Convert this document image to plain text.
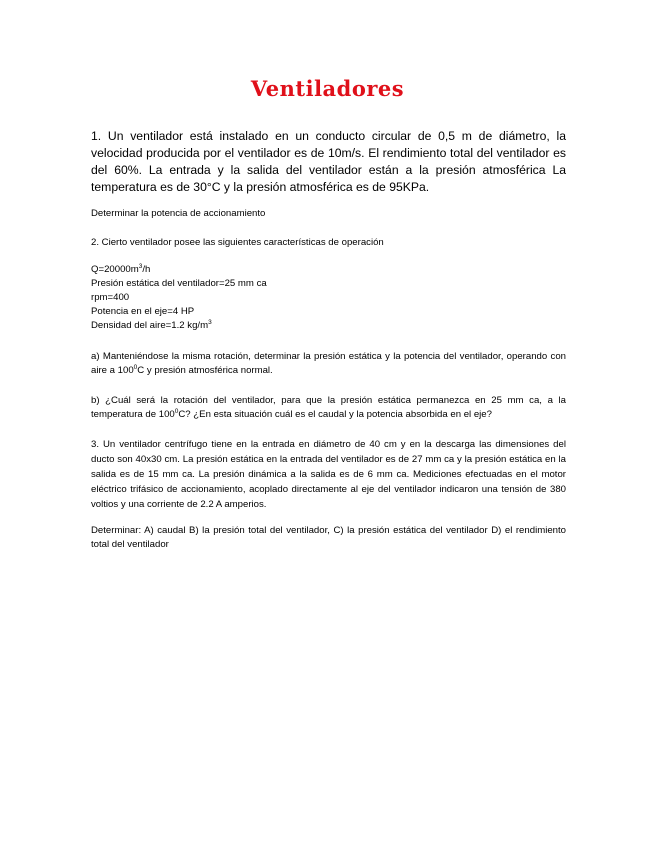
Ventiladores
1. Un ventilador está instalado en un conducto circular de 0,5 m de diámetro, la velocidad producida por el ventilador es de 10m/s. El rendimiento total del ventilador es del 60%. La entrada y la salida del ventilador están a la presión atmosférica La temperatura es de 30°C y la presión atmosférica es de 95KPa.
Determinar la potencia de accionamiento
2. Cierto ventilador posee las siguientes características de operación
$Q=20000m^3/h$
Presión estática del ventilador=25 mm ca
rpm=400
Potencia en el eje=4 HP
Densidad del aire=1.2 $kg/m^3$
a) Manteniéndose la misma rotación, determinar la presión estática y la potencia del ventilador, operando con aire a $100^0C$ y presión atmosférica normal.
b) ¿Cuál será la rotación del ventilador, para que la presión estática permanezca en 25 mm ca, a la temperatura de $100^0C$? ¿En esta situación cuál es el caudal y la potencia absorbida en el eje?
3. Un ventilador centrífugo tiene en la entrada en diámetro de 40 cm y en la descarga las dimensiones del ducto son 40x30 cm. La presión estática en la entrada del ventilador es de 27 mm ca y la presión estática en la salida es de 15 mm ca. La presión dinámica a la salida es de 6 mm ca. Mediciones efectuadas en el motor eléctrico trifásico de accionamiento, acoplado directamente al eje del ventilador indicaron una tensión de 380 voltios y una corriente de 2.2 A amperios.
Determinar: A) caudal B) la presión total del ventilador, C) la presión estática del ventilador D) el rendimiento total del ventilador
